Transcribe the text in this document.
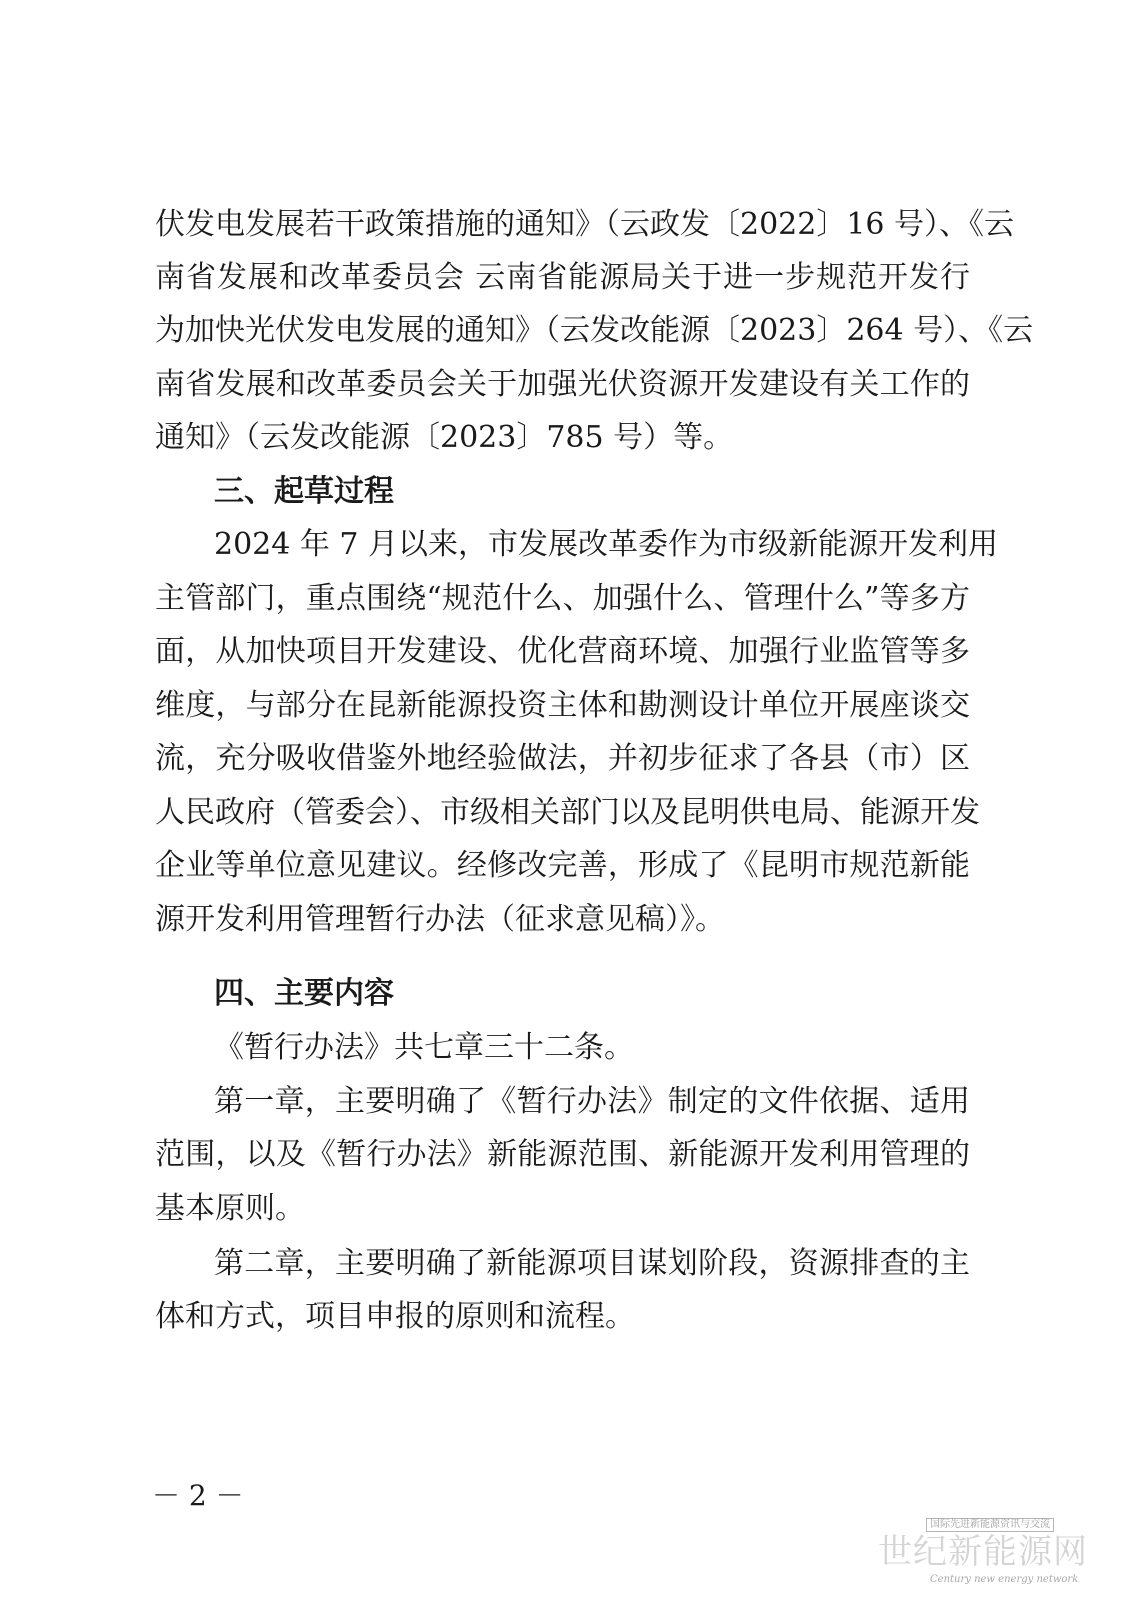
伏发电发展若干政策措施的通知》（云政发〔2022〕16 号）、《云
南省发展和改革委员会 云南省能源局关于进一步规范开发行
为加快光伏发电发展的通知》（云发改能源〔2023〕264 号）、《云
南省发展和改革委员会关于加强光伏资源开发建设有关工作的
通知》（云发改能源〔2023〕785 号）等。
三、起草过程
2024 年 7 月以来，市发展改革委作为市级新能源开发利用
主管部门，重点围绕“规范什么、加强什么、管理什么”等多方
面，从加快项目开发建设、优化营商环境、加强行业监管等多
维度，与部分在昆新能源投资主体和勘测设计单位开展座谈交
流，充分吸收借鉴外地经验做法，并初步征求了各县（市）区
人民政府（管委会）、市级相关部门以及昆明供电局、能源开发
企业等单位意见建议。经修改完善，形成了《昆明市规范新能
源开发利用管理暂行办法（征求意见稿）》。
四、主要内容
《暂行办法》共七章三十二条。
第一章，主要明确了《暂行办法》制定的文件依据、适用
范围，以及《暂行办法》新能源范围、新能源开发利用管理的
基本原则。
第二章，主要明确了新能源项目谋划阶段，资源排查的主
体和方式，项目申报的原则和流程。
－ 2 －
国际先进新能源资讯与交流
世纪新能源网
Century new energy network
